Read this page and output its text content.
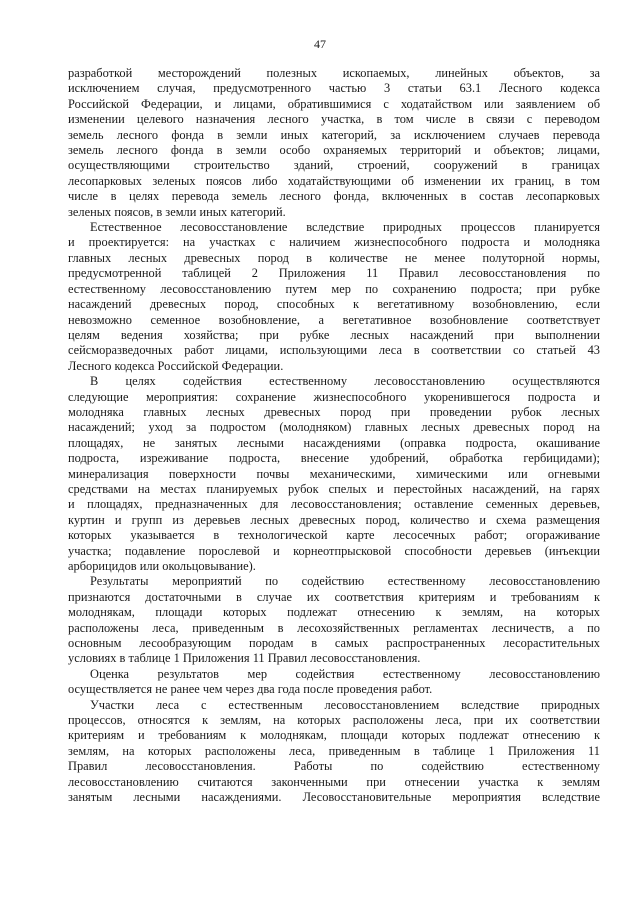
47
разработкой месторождений полезных ископаемых, линейных объектов, за
исключением случая, предусмотренного частью 3 статьи 63.1 Лесного кодекса
Российской Федерации, и лицами, обратившимися с ходатайством или заявлением об
изменении целевого назначения лесного участка, в том числе в связи с переводом
земель лесного фонда в земли иных категорий, за исключением случаев перевода
земель лесного фонда в земли особо охраняемых территорий и объектов; лицами,
осуществляющими строительство зданий, строений, сооружений в границах
лесопарковых зеленых поясов либо ходатайствующими об изменении их границ, в том
числе в целях перевода земель лесного фонда, включенных в состав лесопарковых
зеленых поясов, в земли иных категорий.
Естественное лесовосстановление вследствие природных процессов планируется
и проектируется: на участках с наличием жизнеспособного подроста и молодняка
главных лесных древесных пород в количестве не менее полуторной нормы,
предусмотренной таблицей 2 Приложения 11 Правил лесовосстановления по
естественному лесовосстановлению путем мер по сохранению подроста; при рубке
насаждений древесных пород, способных к вегетативному возобновлению, если
невозможно семенное возобновление, а вегетативное возобновление соответствует
целям ведения хозяйства; при рубке лесных насаждений при выполнении
сейсморазведочных работ лицами, использующими леса в соответствии со статьей 43
Лесного кодекса Российской Федерации.
В целях содействия естественному лесовосстановлению осуществляются
следующие мероприятия: сохранение жизнеспособного укоренившегося подроста и
молодняка главных лесных древесных пород при проведении рубок лесных
насаждений; уход за подростом (молодняком) главных лесных древесных пород на
площадях, не занятых лесными насаждениями (оправка подроста, окашивание
подроста, изреживание подроста, внесение удобрений, обработка гербицидами);
минерализация поверхности почвы механическими, химическими или огневыми
средствами на местах планируемых рубок спелых и перестойных насаждений, на гарях
и площадях, предназначенных для лесовосстановления; оставление семенных деревьев,
куртин и групп из деревьев лесных древесных пород, количество и схема размещения
которых указывается в технологической карте лесосечных работ; огораживание
участка; подавление порослевой и корнеотпрысковой способности деревьев (инъекции
арборицидов или окольцовывание).
Результаты мероприятий по содействию естественному лесовосстановлению
признаются достаточными в случае их соответствия критериям и требованиям к
молоднякам, площади которых подлежат отнесению к землям, на которых
расположены леса, приведенным в лесохозяйственных регламентах лесничеств, а по
основным лесообразующим породам в самых распространенных лесорастительных
условиях в таблице 1 Приложения 11 Правил лесовосстановления.
Оценка результатов мер содействия естественному лесовосстановлению
осуществляется не ранее чем через два года после проведения работ.
Участки леса с естественным лесовосстановлением вследствие природных
процессов, относятся к землям, на которых расположены леса, при их соответствии
критериям и требованиям к молоднякам, площади которых подлежат отнесению к
землям, на которых расположены леса, приведенным в таблице 1 Приложения 11
Правил лесовосстановления. Работы по содействию естественному
лесовосстановлению считаются законченными при отнесении участка к землям
занятым лесными насаждениями. Лесовосстановительные мероприятия вследствие
